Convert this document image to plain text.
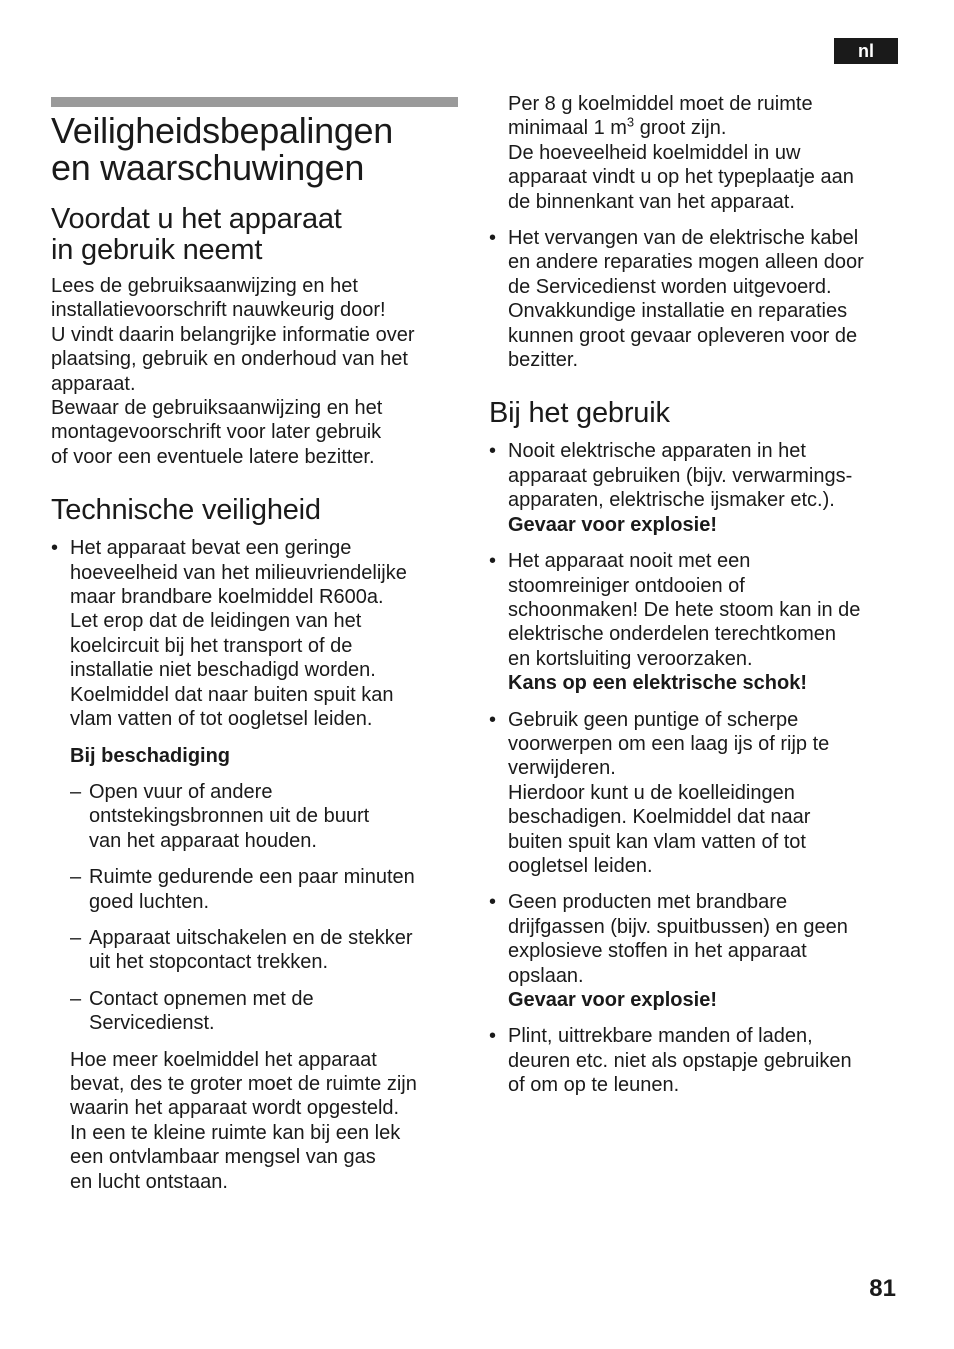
nl
Veiligheidsbepalingen
en waarschuwingen
Voordat u het apparaat
in gebruik neemt
Lees de gebruiksaanwijzing en het
installatievoorschrift nauwkeurig door!
U vindt daarin belangrijke informatie over
plaatsing, gebruik en onderhoud van het
apparaat.
Bewaar de gebruiksaanwijzing en het
montagevoorschrift voor later gebruik
of voor een eventuele latere bezitter.
Technische veiligheid
• Het apparaat bevat een geringe
hoeveelheid van het milieuvriendelijke
maar brandbare koelmiddel R600a.
Let erop dat de leidingen van het
koelcircuit bij het transport of de
installatie niet beschadigd worden.
Koelmiddel dat naar buiten spuit kan
vlam vatten of tot oogletsel leiden.
Bij beschadiging
– Open vuur of andere
ontstekingsbronnen uit de buurt
van het apparaat houden.
– Ruimte gedurende een paar minuten
goed luchten.
– Apparaat uitschakelen en de stekker
uit het stopcontact trekken.
– Contact opnemen met de
Servicedienst.
Hoe meer koelmiddel het apparaat
bevat, des te groter moet de ruimte zijn
waarin het apparaat wordt opgesteld.
In een te kleine ruimte kan bij een lek
een ontvlambaar mengsel van gas
en lucht ontstaan.
Per 8 g koelmiddel moet de ruimte
minimaal 1 $m^3$ groot zijn.
De hoeveelheid koelmiddel in uw
apparaat vindt u op het typeplaatje aan
de binnenkant van het apparaat.
• Het vervangen van de elektrische kabel
en andere reparaties mogen alleen door
de Servicedienst worden uitgevoerd.
Onvakkundige installatie en reparaties
kunnen groot gevaar opleveren voor de
bezitter.
Bij het gebruik
• Nooit elektrische apparaten in het
apparaat gebruiken (bijv. verwarmings-
apparaten, elektrische ijsmaker etc.).
Gevaar voor explosie!
• Het apparaat nooit met een
stoomreiniger ontdooien of
schoonmaken! De hete stoom kan in de
elektrische onderdelen terechtkomen
en kortsluiting veroorzaken.
Kans op een elektrische schok!
• Gebruik geen puntige of scherpe
voorwerpen om een laag ijs of rijp te
verwijderen.
Hierdoor kunt u de koelleidingen
beschadigen. Koelmiddel dat naar
buiten spuit kan vlam vatten of tot
oogletsel leiden.
• Geen producten met brandbare
drijfgassen (bijv. spuitbussen) en geen
explosieve stoffen in het apparaat
opslaan.
Gevaar voor explosie!
• Plint, uittrekbare manden of laden,
deuren etc. niet als opstapje gebruiken
of om op te leunen.
81
